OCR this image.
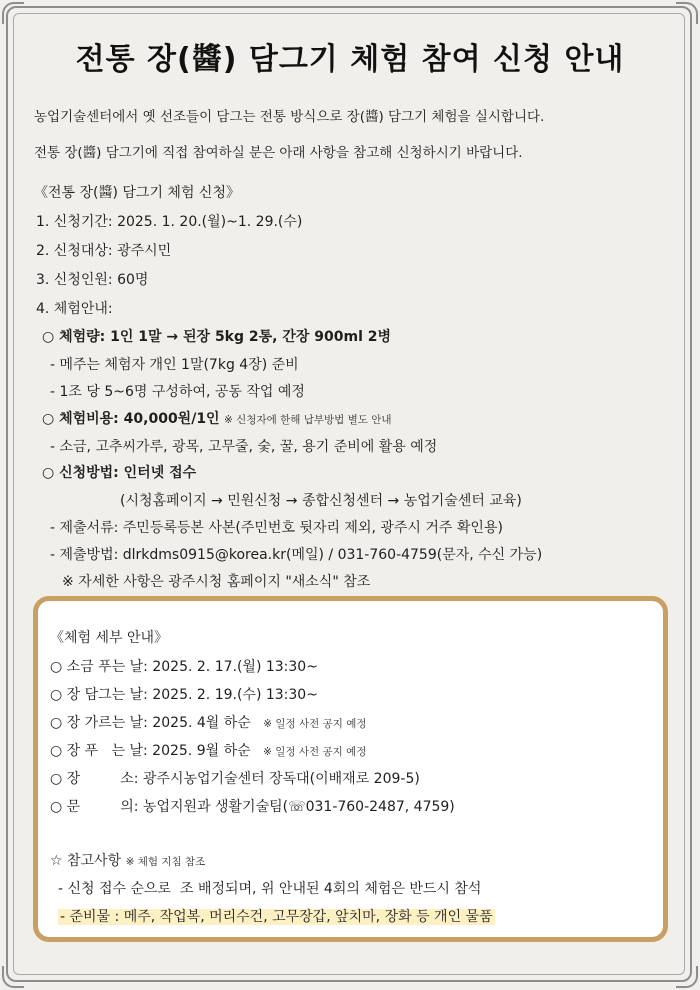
전통 장(醬) 담그기 체험 참여 신청 안내
농업기술센터에서 옛 선조들이 담그는 전통 방식으로 장(醬) 담그기 체험을 실시합니다.
전통 장(醬) 담그기에 직접 참여하실 분은 아래 사항을 참고해 신청하시기 바랍니다.
《전통 장(醬) 담그기 체험 신청》
1. 신청기간: 2025. 1. 20.(월)~1. 29.(수)
2. 신청대상: 광주시민
3. 신청인원: 60명
4. 체험안내:
○ 체험량: 1인 1말 → 된장 5kg 2통, 간장 900ml 2병
- 메주는 체험자 개인 1말(7kg 4장) 준비
- 1조 당 5~6명 구성하여, 공동 작업 예정
○ 체험비용: 40,000원/1인 ※ 신청자에 한해 납부방법 별도 안내
- 소금, 고추씨가루, 광목, 고무줄, 숯, 꿀, 용기 준비에 활용 예정
○ 신청방법: 인터넷 접수
(시청홈페이지 → 민원신청 → 종합신청센터 → 농업기술센터 교육)
- 제출서류: 주민등록등본 사본(주민번호 뒷자리 제외, 광주시 거주 확인용)
- 제출방법: dlrkdms0915@korea.kr(메일) / 031-760-4759(문자, 수신 가능)
※ 자세한 사항은 광주시청 홈페이지 "새소식" 참조
《체험 세부 안내》
○ 소금 푸는 날: 2025. 2. 17.(월) 13:30~
○ 장 담그는 날: 2025. 2. 19.(수) 13:30~
○ 장 가르는 날: 2025. 4월 하순 ※ 일정 사전 공지 예정
○ 장 푸   는 날: 2025. 9월 하순 ※ 일정 사전 공지 예정
○ 장         소: 광주시농업기술센터 장독대(이배재로 209-5)
○ 문         의: 농업지원과 생활기술팀(☏031-760-2487, 4759)
☆ 참고사항 ※ 체험 지침 참조
- 신청 접수 순으로  조 배정되며, 위 안내된 4회의 체험은 반드시 참석
- 준비물 : 메주, 작업복, 머리수건, 고무장갑, 앞치마, 장화 등 개인 물품
